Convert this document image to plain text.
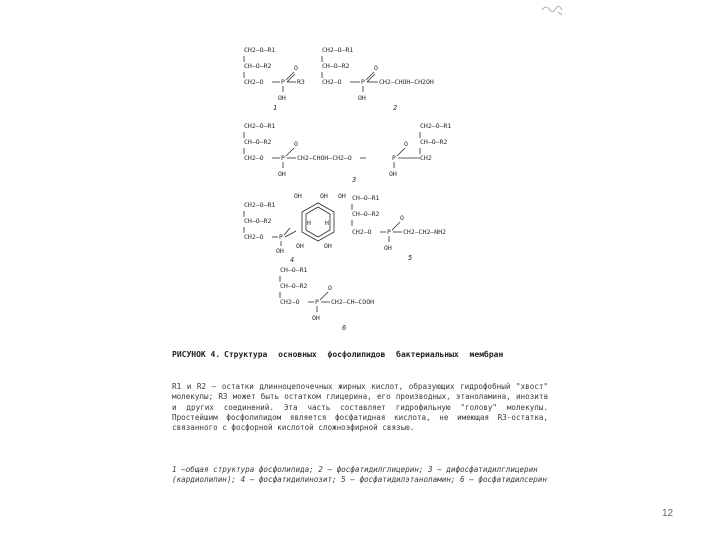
CH2—O—R1
CH—O—R2
CH2—O	P
O
R3
OH
1
CH2—O—R1
CH—O—R2
CH2—O	P
O
CH2—CHOH—CH2OH
OH
2
CH2—O—R1
CH—O—R2
CH2—O	P
O
CH2—CHOH—CH2—O
OH
P
O
OH
CH2—O—R1
CH—O—R2
CH2
3
CH2—O—R1
CH—O—R2
CH2—O P
OH
OH	OH OH
H H
OH	OH
4
CH—O—R1
CH—O—R2
CH2—O P
O
CH2—CH2—NH2
OH
5
CH—O—R1
CH—O—R2
CH2—O P
O
CH2—CH—COOH
OH
6
РИСУНОК 4. Структура основных фосфолипидов бактериальных мембран
R1 и R2 — остатки длинноцепочечных жирных кислот, образующих гидрофобный "хвост" молекулы; R3 может быть остатком глицерина, его производных, этаноламина, инозита и других соединений. Эта часть составляет гидрофильную "голову" молекулы. Простейшим фосфолипидом является фосфатидная кислота, не имеющая R3-остатка, связанного с фосфорной кислотой сложноэфирной связью.
1 —общая структура фосфолипида; 2 — фосфатидилглицерин; 3 — дифосфатидилглицерин (кардиолипин); 4 — фосфатидилинозит; 5 — фосфатидилэтаноламин; 6 — фосфатидилсерин
12
